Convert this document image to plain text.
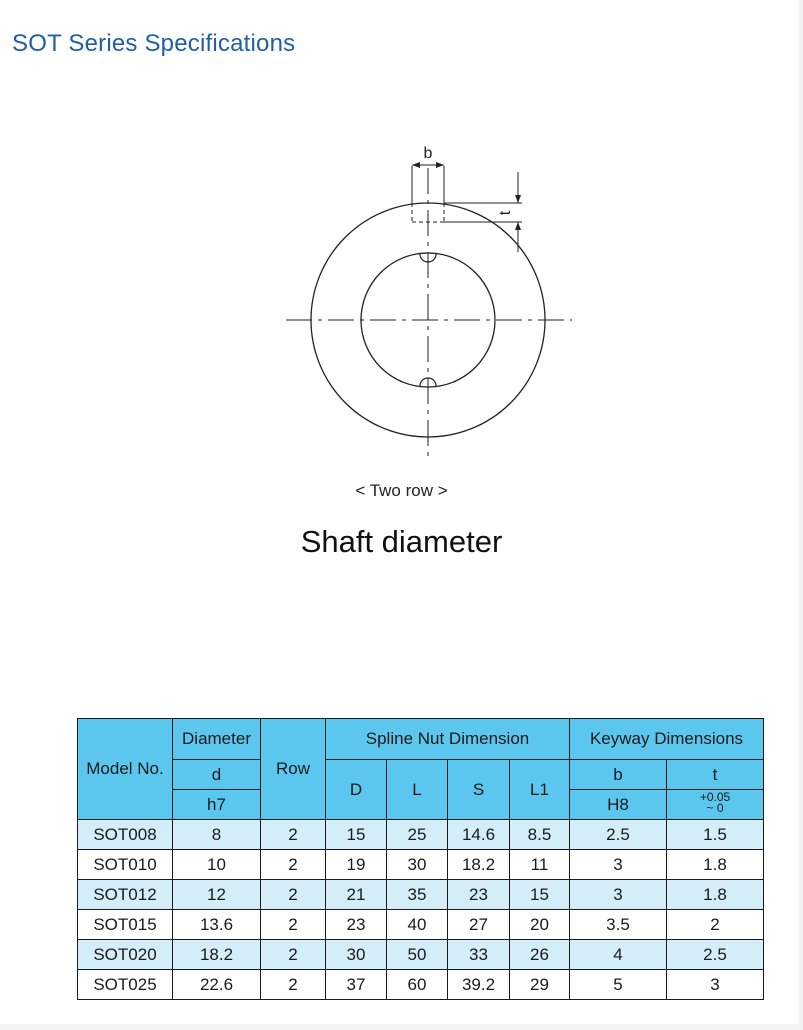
SOT Series Specifications
b
t
< Two row >
Shaft diameter
Model No.	Diameter	Row	Spline Nut Dimension				Keyway Dimensions	
	d		D	L	S	L1	b	t
	h7						H8	+0.05
~ 0
SOT008	8	2	15	25	14.6	8.5	2.5	1.5
SOT010	10	2	19	30	18.2	11	3	1.8
SOT012	12	2	21	35	23	15	3	1.8
SOT015	13.6	2	23	40	27	20	3.5	2
SOT020	18.2	2	30	50	33	26	4	2.5
SOT025	22.6	2	37	60	39.2	29	5	3
